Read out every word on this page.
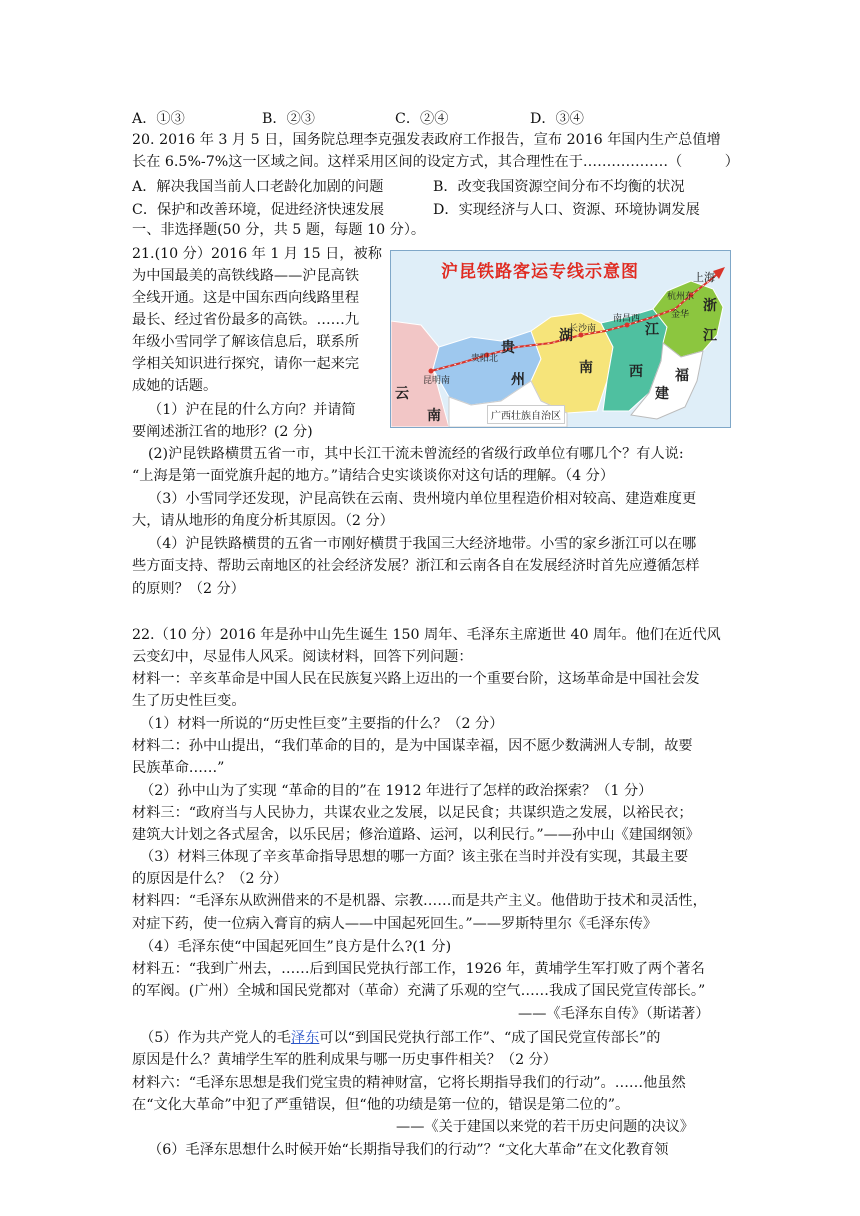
A．①③	B．②③	C．②④	D．③④
20. 2016 年 3 月 5 日，国务院总理李克强发表政府工作报告，宣布 2016 年国内生产总值增
长在 6.5%-7%这一区域之间。这样采用区间的设定方式，其合理性在于………………（　　　）
A．解决我国当前人口老龄化加剧的问题	B．改变我国资源空间分布不均衡的状况
C．保护和改善环境，促进经济快速发展	D．实现经济与人口、资源、环境协调发展
一、非选择题(50 分，共 5 题，每题 10 分）。
21.(10 分）2016 年 1 月 15 日，被称
为中国最美的高铁线路——沪昆高铁
全线开通。这是中国东西向线路里程
最长、经过省份最多的高铁。……九
年级小雪同学了解该信息后，联系所
学相关知识进行探究，请你一起来完
成她的话题。
（1）沪在昆的什么方向？并请简
要阐述浙江省的地形？(2 分)
沪昆铁路客运专线示意图	上海
杭州东
金华
南昌西
长沙南
贵阳北
昆明南
浙
江
江
西
湖
南
贵
州
云
南
福
建
广西壮族自治区
(2)沪昆铁路横贯五省一市，其中长江干流未曾流经的省级行政单位有哪几个？有人说:
“上海是第一面党旗升起的地方。”请结合史实谈谈你对这句话的理解。（4 分）
（3）小雪同学还发现，沪昆高铁在云南、贵州境内单位里程造价相对较高、建造难度更
大，请从地形的角度分析其原因。（2 分）
（4）沪昆铁路横贯的五省一市刚好横贯于我国三大经济地带。小雪的家乡浙江可以在哪
些方面支持、帮助云南地区的社会经济发展？浙江和云南各自在发展经济时首先应遵循怎样
的原则？（2 分）
22.（10 分）2016 年是孙中山先生诞生 150 周年、毛泽东主席逝世 40 周年。他们在近代风
云变幻中，尽显伟人风采。阅读材料，回答下列问题：
材料一：辛亥革命是中国人民在民族复兴路上迈出的一个重要台阶，这场革命是中国社会发
生了历史性巨变。
（1）材料一所说的“历史性巨变”主要指的什么？（2 分）
材料二：孙中山提出，“我们革命的目的，是为中国谋幸福，因不愿少数满洲人专制，故要
民族革命……”
（2）孙中山为了实现 “革命的目的”在 1912 年进行了怎样的政治探索？（1 分）
材料三：“政府当与人民协力，共谋农业之发展，以足民食；共谋织造之发展，以裕民衣；
建筑大计划之各式屋舍，以乐民居；修治道路、运河，以利民行。”——孙中山《建国纲领》
（3）材料三体现了辛亥革命指导思想的哪一方面？该主张在当时并没有实现，其最主要
的原因是什么？（2 分）
材料四：“毛泽东从欧洲借来的不是机器、宗教……而是共产主义。他借助于技术和灵活性，
对症下药，使一位病入膏肓的病人——中国起死回生。”——罗斯特里尔《毛泽东传》
（4）毛泽东使“中国起死回生”良方是什么?(1 分)
材料五：“我到广州去，……后到国民党执行部工作，1926 年，黄埔学生军打败了两个著名
的军阀。(广州）全城和国民党都对（革命）充满了乐观的空气……我成了国民党宣传部长。”
——《毛泽东自传》（斯诺著）
（5）作为共产党人的毛泽东可以“到国民党执行部工作”、“成了国民党宣传部长”的
原因是什么？黄埔学生军的胜利成果与哪一历史事件相关？（2 分）
材料六：“毛泽东思想是我们党宝贵的精神财富，它将长期指导我们的行动”。……他虽然
在“文化大革命”中犯了严重错误，但“他的功绩是第一位的，错误是第二位的”。
——《关于建国以来党的若干历史问题的决议》
（6）毛泽东思想什么时候开始“长期指导我们的行动”？“文化大革命”在文化教育领
